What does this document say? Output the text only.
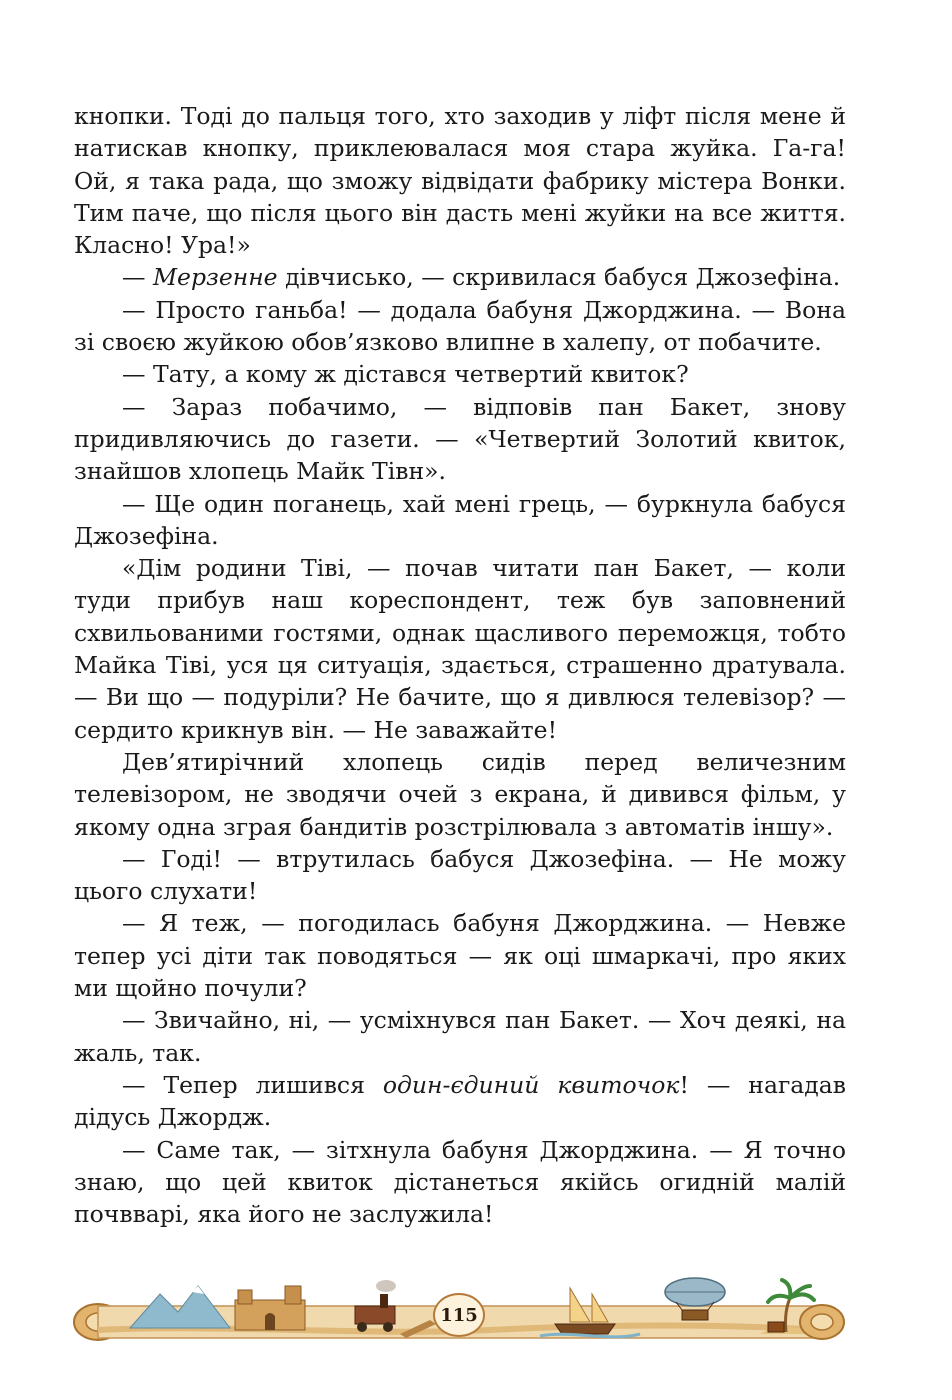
кнопки. Тоді до пальця того, хто заходив у ліфт після мене й натискав кнопку, приклеювалася моя стара жуйка. Га-га! Ой, я така рада, що зможу відвідати фабрику містера Вонки. Тим паче, що після цього він дасть мені жуйки на все життя. Класно! Ура!»

— Мерзенне дівчисько, — скривилася бабуся Джозефіна.

— Просто ганьба! — додала бабуня Джорджина. — Вона зі своєю жуйкою обов’язково влипне в халепу, от побачите.

— Тату, а кому ж дістався четвертий квиток?

— Зараз побачимо, — відповів пан Бакет, знову придивляючись до газети. — «Четвертий Золотий квиток, знайшов хлопець Майк Тівн».

— Ще один поганець, хай мені грець, — буркнула бабуся Джозефіна.

«Дім родини Тіві, — почав читати пан Бакет, — коли туди прибув наш кореспондент, теж був заповнений схвильованими гостями, однак щасливого переможця, тобто Майка Тіві, уся ця ситуація, здається, страшенно дратувала. — Ви що — подуріли? Не бачите, що я дивлюся телевізор? — сердито крикнув він. — Не заважайте!

Дев’ятирічний хлопець сидів перед величезним телевізором, не зводячи очей з екрана, й дивився фільм, у якому одна зграя бандитів розстрілювала з автоматів іншу».

— Годі! — втрутилась бабуся Джозефіна. — Не можу цього слухати!

— Я теж, — погодилась бабуня Джорджина. — Невже тепер усі діти так поводяться — як оці шмаркачі, про яких ми щойно почули?

— Звичайно, ні, — усміхнувся пан Бакет. — Хоч деякі, на жаль, так.

— Тепер лишився один-єдиний квиточок! — нагадав дідусь Джордж.

— Саме так, — зітхнула бабуня Джорджина. — Я точно знаю, що цей квиток дістанеться якійсь огидній малій почвварі, яка його не заслужила!

115
